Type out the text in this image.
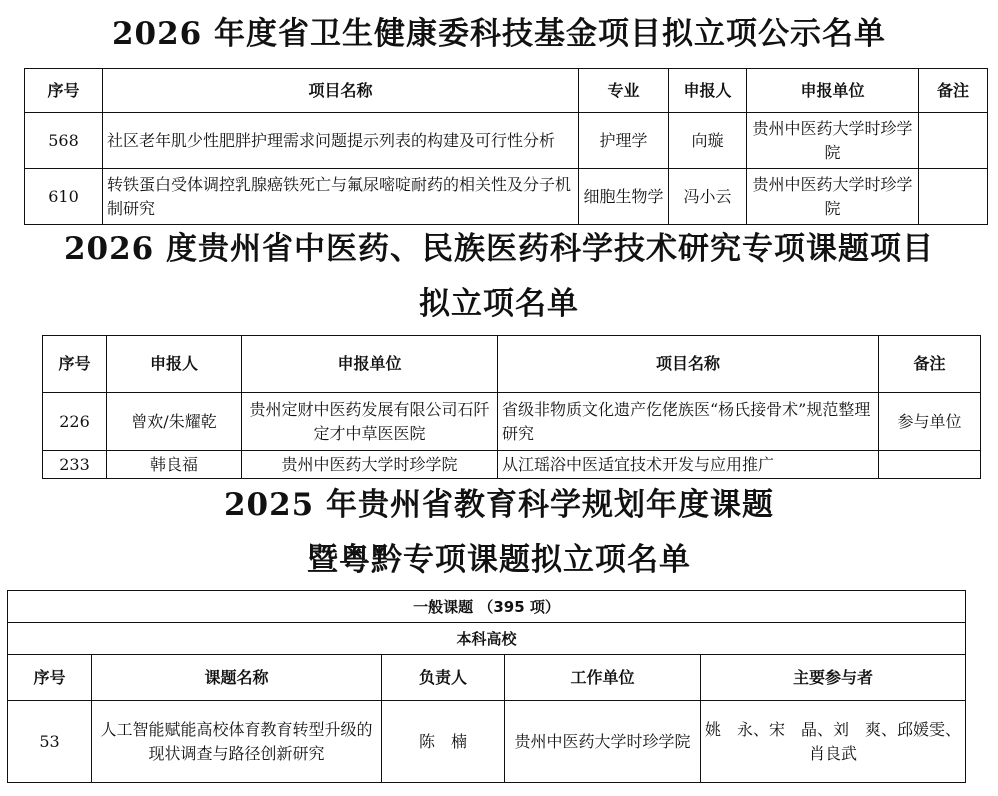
2026 年度省卫生健康委科技基金项目拟立项公示名单
序号	项目名称	专业	申报人	申报单位	备注
568	社区老年肌少性肥胖护理需求问题提示列表的构建及可行性分析	护理学	向璇	贵州中医药大学时珍学院	
610	转铁蛋白受体调控乳腺癌铁死亡与氟尿嘧啶耐药的相关性及分子机制研究	细胞生物学	冯小云	贵州中医药大学时珍学院	
2026 度贵州省中医药、民族医药科学技术研究专项课题项目
拟立项名单
序号	申报人	申报单位	项目名称	备注
226	曾欢/朱耀乾	贵州定财中医药发展有限公司石阡定才中草医医院	省级非物质文化遗产仡佬族医“杨氏接骨术”规范整理研究	参与单位
233	韩良福	贵州中医药大学时珍学院	从江瑶浴中医适宜技术开发与应用推广	
2025 年贵州省教育科学规划年度课题
暨粤黔专项课题拟立项名单
一般课题 （395 项）				
本科高校				
序号	课题名称	负责人	工作单位	主要参与者
53	人工智能赋能高校体育教育转型升级的现状调查与路径创新研究	陈　楠	贵州中医药大学时珍学院	姚　永、宋　晶、刘　爽、邱媛雯、肖良武
